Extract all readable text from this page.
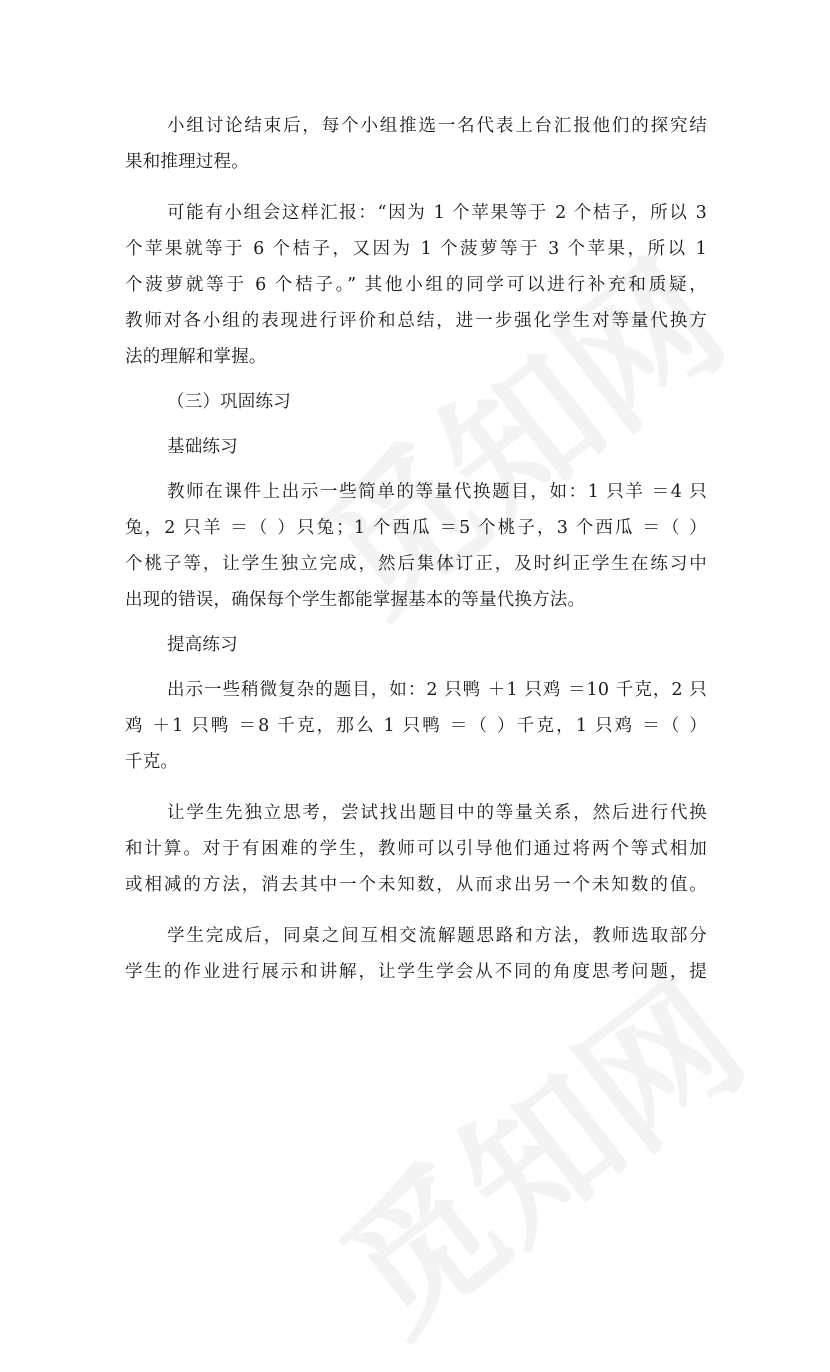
小组讨论结束后，每个小组推选一名代表上台汇报他们的探究结
果和推理过程。
可能有小组会这样汇报：“因为 1 个苹果等于 2 个桔子，所以 3
个苹果就等于 6 个桔子，又因为 1 个菠萝等于 3 个苹果，所以 1
个菠萝就等于 6 个桔子。” 其他小组的同学可以进行补充和质疑，
教师对各小组的表现进行评价和总结，进一步强化学生对等量代换方
法的理解和掌握。
（三）巩固练习
基础练习
教师在课件上出示一些简单的等量代换题目，如：1 只羊 ＝4 只
兔，2 只羊 ＝（ ）只兔；1 个西瓜 ＝5 个桃子，3 个西瓜 ＝（ ）
个桃子等，让学生独立完成，然后集体订正，及时纠正学生在练习中
出现的错误，确保每个学生都能掌握基本的等量代换方法。
提高练习
出示一些稍微复杂的题目，如：2 只鸭 ＋1 只鸡 ＝10 千克，2 只
鸡 ＋1 只鸭 ＝8 千克，那么 1 只鸭 ＝（ ）千克，1 只鸡 ＝（ ）
千克。
让学生先独立思考，尝试找出题目中的等量关系，然后进行代换
和计算。对于有困难的学生，教师可以引导他们通过将两个等式相加
或相减的方法，消去其中一个未知数，从而求出另一个未知数的值。
学生完成后，同桌之间互相交流解题思路和方法，教师选取部分
学生的作业进行展示和讲解，让学生学会从不同的角度思考问题，提
